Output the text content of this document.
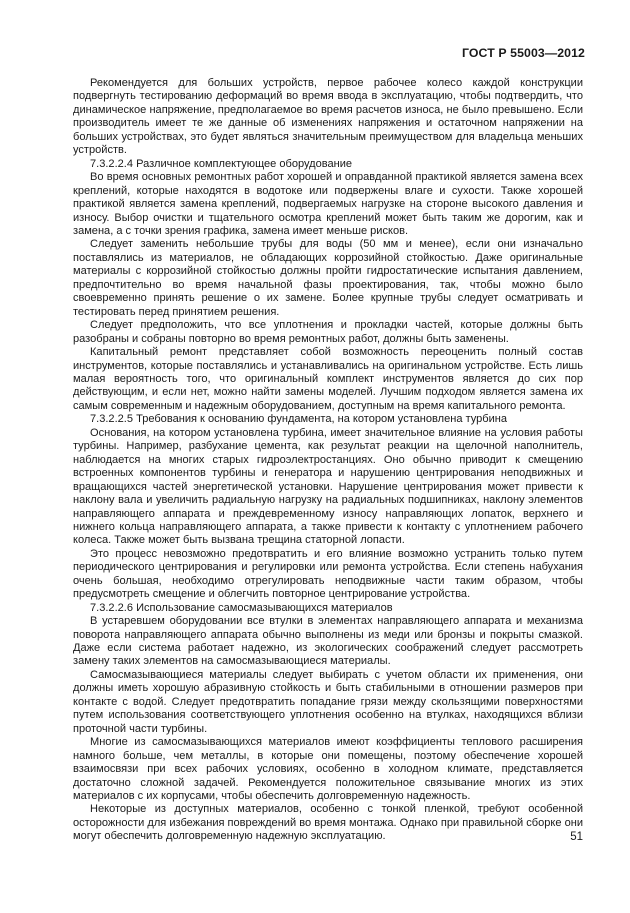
ГОСТ Р 55003—2012

Рекомендуется для больших устройств, первое рабочее колесо каждой конструкции подвергнуть тестированию деформаций во время ввода в эксплуатацию, чтобы подтвердить, что динамическое напряжение, предполагаемое во время расчетов износа, не было превышено. Если производитель имеет те же данные об изменениях напряжения и остаточном напряжении на больших устройствах, это будет являться значительным преимуществом для владельца меньших устройств.

7.3.2.2.4 Различное комплектующее оборудование

Во время основных ремонтных работ хорошей и оправданной практикой является замена всех креплений, которые находятся в водотоке или подвержены влаге и сухости. Также хорошей практикой является замена креплений, подвергаемых нагрузке на стороне высокого давления и износу. Выбор очистки и тщательного осмотра креплений может быть таким же дорогим, как и замена, а с точки зрения графика, замена имеет меньше рисков.

Следует заменить небольшие трубы для воды (50 мм и менее), если они изначально поставлялись из материалов, не обладающих коррозийной стойкостью. Даже оригинальные материалы с коррозийной стойкостью должны пройти гидростатические испытания давлением, предпочтительно во время начальной фазы проектирования, так, чтобы можно было своевременно принять решение о их замене. Более крупные трубы следует осматривать и тестировать перед принятием решения.

Следует предположить, что все уплотнения и прокладки частей, которые должны быть разобраны и собраны повторно во время ремонтных работ, должны быть заменены.

Капитальный ремонт представляет собой возможность переоценить полный состав инструментов, которые поставлялись и устанавливались на оригинальном устройстве. Есть лишь малая вероятность того, что оригинальный комплект инструментов является до сих пор действующим, и если нет, можно найти замены моделей. Лучшим подходом является замена их самым современным и надежным оборудованием, доступным на время капитального ремонта.

7.3.2.2.5 Требования к основанию фундамента, на котором установлена турбина

Основания, на котором установлена турбина, имеет значительное влияние на условия работы турбины. Например, разбухание цемента, как результат реакции на щелочной наполнитель, наблюдается на многих старых гидроэлектростанциях. Оно обычно приводит к смещению встроенных компонентов турбины и генератора и нарушению центрирования неподвижных и вращающихся частей энергетической установки. Нарушение центрирования может привести к наклону вала и увеличить радиальную нагрузку на радиальных подшипниках, наклону элементов направляющего аппарата и преждевременному износу направляющих лопаток, верхнего и нижнего кольца направляющего аппарата, а также привести к контакту с уплотнением рабочего колеса. Также может быть вызвана трещина статорной лопасти.

Это процесс невозможно предотвратить и его влияние возможно устранить только путем периодического центрирования и регулировки или ремонта устройства. Если степень набухания очень большая, необходимо отрегулировать неподвижные части таким образом, чтобы предусмотреть смещение и облегчить повторное центрирование устройства.

7.3.2.2.6 Использование самосмазывающихся материалов

В устаревшем оборудовании все втулки в элементах направляющего аппарата и механизма поворота направляющего аппарата обычно выполнены из меди или бронзы и покрыты смазкой. Даже если система работает надежно, из экологических соображений следует рассмотреть замену таких элементов на самосмазывающиеся материалы.

Самосмазывающиеся материалы следует выбирать с учетом области их применения, они должны иметь хорошую абразивную стойкость и быть стабильными в отношении размеров при контакте с водой. Следует предотвратить попадание грязи между скользящими поверхностями путем использования соответствующего уплотнения особенно на втулках, находящихся вблизи проточной части турбины.

Многие из самосмазывающихся материалов имеют коэффициенты теплового расширения намного больше, чем металлы, в которые они помещены, поэтому обеспечение хорошей взаимосвязи при всех рабочих условиях, особенно в холодном климате, представляется достаточно сложной задачей. Рекомендуется положительное связывание многих из этих материалов с их корпусами, чтобы обеспечить долговременную надежность.

Некоторые из доступных материалов, особенно с тонкой пленкой, требуют особенной осторожности для избежания повреждений во время монтажа. Однако при правильной сборке они могут обеспечить долговременную надежную эксплуатацию.	51
